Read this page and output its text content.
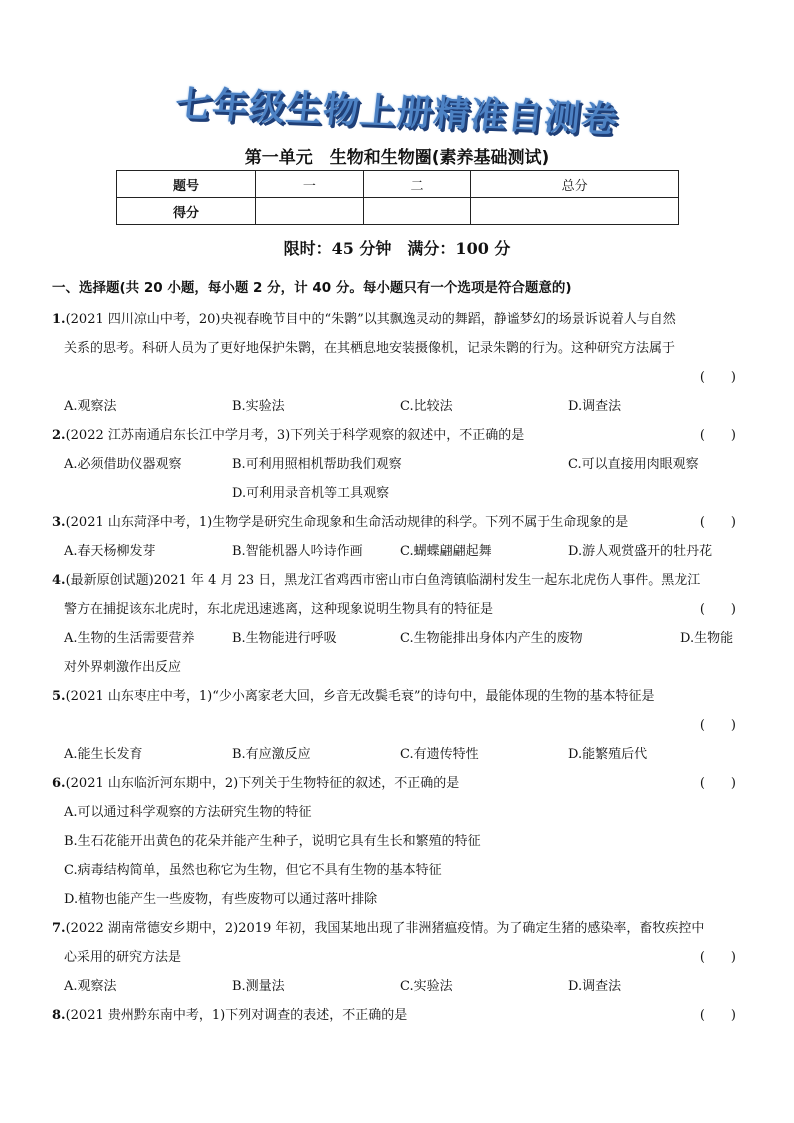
七年级生物上册精准自测卷
第一单元　生物和生物圈(素养基础测试)
题号	一	二	总分
得分			
限时：45 分钟　满分：100 分
一、选择题(共 20 小题，每小题 2 分，计 40 分。每小题只有一个选项是符合题意的)
1.(2021 四川凉山中考，20)央视春晚节目中的“朱鹮”以其飘逸灵动的舞蹈，静谧梦幻的场景诉说着人与自然
关系的思考。科研人员为了更好地保护朱鹮，在其栖息地安装摄像机，记录朱鹮的行为。这种研究方法属于
(　　)
A.观察法	B.实验法	C.比较法	D.调查法
2.(2022 江苏南通启东长江中学月考，3)下列关于科学观察的叙述中，不正确的是	(　　)
A.必须借助仪器观察	B.可利用照相机帮助我们观察	C.可以直接用肉眼观察
D.可利用录音机等工具观察
3.(2021 山东菏泽中考，1)生物学是研究生命现象和生命活动规律的科学。下列不属于生命现象的是	(　　)
A.春天杨柳发芽	B.智能机器人吟诗作画	C.蝴蝶翩翩起舞	D.游人观赏盛开的牡丹花
4.(最新原创试题)2021 年 4 月 23 日，黑龙江省鸡西市密山市白鱼湾镇临湖村发生一起东北虎伤人事件。黑龙江
警方在捕捉该东北虎时，东北虎迅速逃离，这种现象说明生物具有的特征是	(　　)
A.生物的生活需要营养	B.生物能进行呼吸	C.生物能排出身体内产生的废物	D.生物能
对外界刺激作出反应
5.(2021 山东枣庄中考，1)“少小离家老大回，乡音无改鬓毛衰”的诗句中，最能体现的生物的基本特征是
(　　)
A.能生长发育	B.有应激反应	C.有遗传特性	D.能繁殖后代
6.(2021 山东临沂河东期中，2)下列关于生物特征的叙述，不正确的是	(　　)
A.可以通过科学观察的方法研究生物的特征
B.生石花能开出黄色的花朵并能产生种子，说明它具有生长和繁殖的特征
C.病毒结构简单，虽然也称它为生物，但它不具有生物的基本特征
D.植物也能产生一些废物，有些废物可以通过落叶排除
7.(2022 湖南常德安乡期中，2)2019 年初，我国某地出现了非洲猪瘟疫情。为了确定生猪的感染率，畜牧疾控中
心采用的研究方法是	(　　)
A.观察法	B.测量法	C.实验法	D.调查法
8.(2021 贵州黔东南中考，1)下列对调查的表述，不正确的是	(　　)
